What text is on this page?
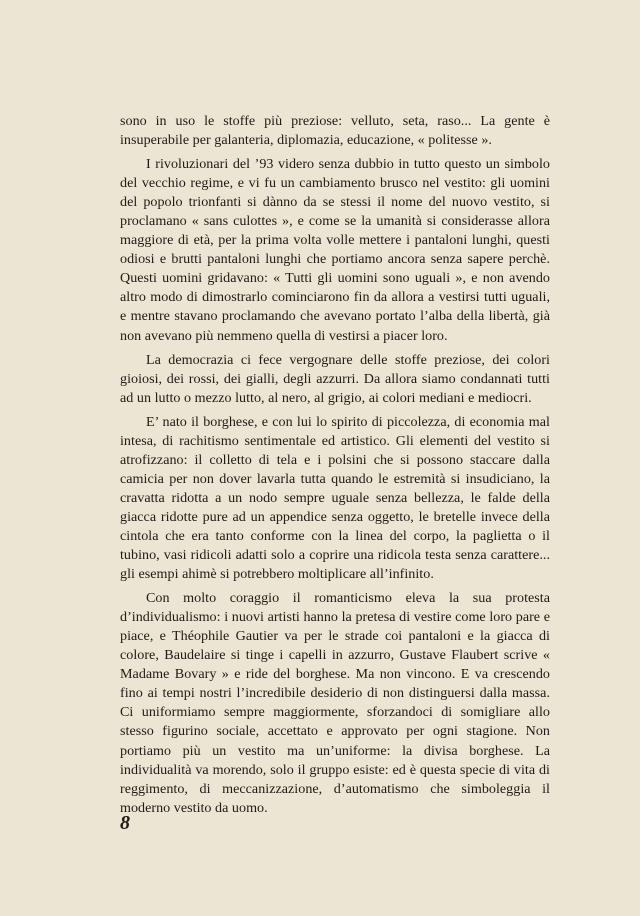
sono in uso le stoffe più preziose: velluto, seta, raso... La gente è insuperabile per galanteria, diplomazia, educazione, « politesse ».

I rivoluzionari del ’93 videro senza dubbio in tutto questo un simbolo del vecchio regime, e vi fu un cambiamento brusco nel vestito: gli uomini del popolo trionfanti si dànno da se stessi il nome del nuovo vestito, si proclamano « sans culottes », e come se la umanità si considerasse allora maggiore di età, per la prima volta volle mettere i pantaloni lunghi, questi odiosi e brutti pantaloni lunghi che portiamo ancora senza sapere perchè. Questi uomini gridavano: « Tutti gli uomini sono uguali », e non avendo altro modo di dimostrarlo cominciarono fin da allora a vestirsi tutti uguali, e mentre stavano proclamando che avevano portato l’alba della libertà, già non avevano più nemmeno quella di vestirsi a piacer loro.

La democrazia ci fece vergognare delle stoffe preziose, dei colori gioiosi, dei rossi, dei gialli, degli azzurri. Da allora siamo condannati tutti ad un lutto o mezzo lutto, al nero, al grigio, ai colori mediani e mediocri.

E’ nato il borghese, e con lui lo spirito di piccolezza, di economia mal intesa, di rachitismo sentimentale ed artistico. Gli elementi del vestito si atrofizzano: il colletto di tela e i polsini che si possono staccare dalla camicia per non dover lavarla tutta quando le estremità si insudiciano, la cravatta ridotta a un nodo sempre uguale senza bellezza, le falde della giacca ridotte pure ad un appendice senza oggetto, le bretelle invece della cintola che era tanto conforme con la linea del corpo, la paglietta o il tubino, vasi ridicoli adatti solo a coprire una ridicola testa senza carattere... gli esempi ahimè si potrebbero moltiplicare all’infinito.

Con molto coraggio il romanticismo eleva la sua protesta d’individualismo: i nuovi artisti hanno la pretesa di vestire come loro pare e piace, e Théophile Gautier va per le strade coi pantaloni e la giacca di colore, Baudelaire si tinge i capelli in azzurro, Gustave Flaubert scrive « Madame Bovary » e ride del borghese. Ma non vincono. E va crescendo fino ai tempi nostri l’incredibile desiderio di non distinguersi dalla massa. Ci uniformiamo sempre maggiormente, sforzandoci di somigliare allo stesso figurino sociale, accettato e approvato per ogni stagione. Non portiamo più un vestito ma un’uniforme: la divisa borghese. La individualità va morendo, solo il gruppo esiste: ed è questa specie di vita di reggimento, di meccanizzazione, d’automatismo che simboleggia il moderno vestito da uomo.

8
